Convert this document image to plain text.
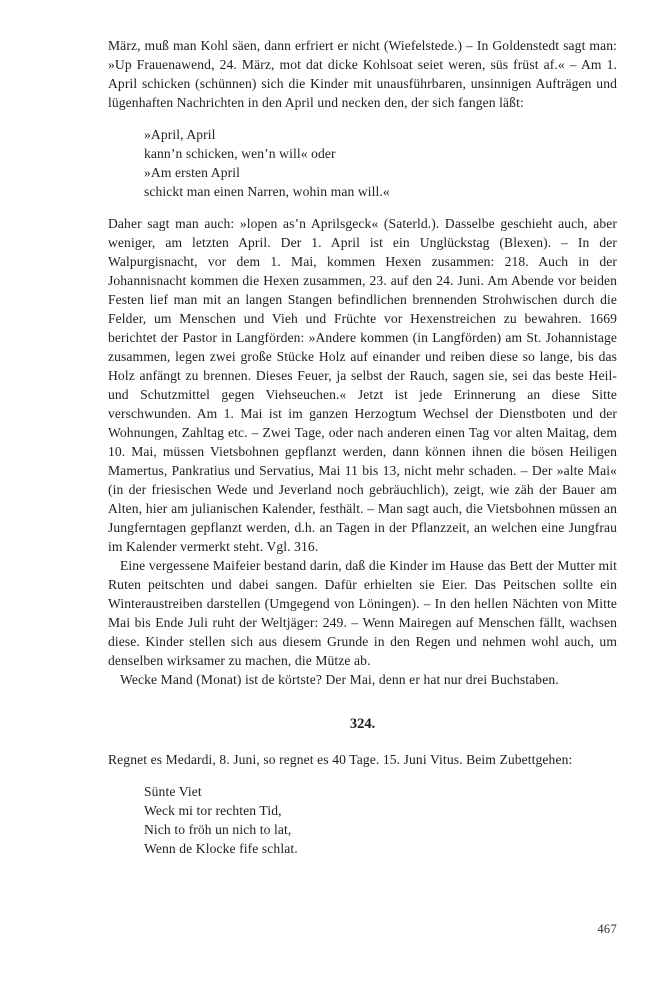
März, muß man Kohl säen, dann erfriert er nicht (Wiefelstede.) – In Goldenstedt sagt man: »Up Frauenawend, 24. März, mot dat dicke Kohlsoat seiet weren, süs früst af.« – Am 1. April schicken (schünnen) sich die Kinder mit unausführbaren, unsinnigen Aufträgen und lügenhaften Nachrichten in den April und necken den, der sich fangen läßt:

»April, April
kann’n schicken, wen’n will« oder
»Am ersten April
schickt man einen Narren, wohin man will.«

Daher sagt man auch: »lopen as’n Aprilsgeck« (Saterld.). Dasselbe geschieht auch, aber weniger, am letzten April. Der 1. April ist ein Unglückstag (Blexen). – In der Walpurgisnacht, vor dem 1. Mai, kommen Hexen zusammen: 218. Auch in der Johannisnacht kommen die Hexen zusammen, 23. auf den 24. Juni. Am Abende vor beiden Festen lief man mit an langen Stangen befindlichen brennenden Strohwischen durch die Felder, um Menschen und Vieh und Früchte vor Hexenstreichen zu bewahren. 1669 berichtet der Pastor in Langförden: »Andere kommen (in Langförden) am St. Johannistage zusammen, legen zwei große Stücke Holz auf einander und reiben diese so lange, bis das Holz anfängt zu brennen. Dieses Feuer, ja selbst der Rauch, sagen sie, sei das beste Heil- und Schutzmittel gegen Viehseuchen.« Jetzt ist jede Erinnerung an diese Sitte verschwunden. Am 1. Mai ist im ganzen Herzogtum Wechsel der Dienstboten und der Wohnungen, Zahltag etc. – Zwei Tage, oder nach anderen einen Tag vor alten Maitag, dem 10. Mai, müssen Vietsbohnen gepflanzt werden, dann können ihnen die bösen Heiligen Mamertus, Pankratius und Servatius, Mai 11 bis 13, nicht mehr schaden. – Der »alte Mai« (in der friesischen Wede und Jeverland noch gebräuchlich), zeigt, wie zäh der Bauer am Alten, hier am julianischen Kalender, festhält. – Man sagt auch, die Vietsbohnen müssen an Jungferntagen gepflanzt werden, d.h. an Tagen in der Pflanzzeit, an welchen eine Jungfrau im Kalender vermerkt steht. Vgl. 316.

Eine vergessene Maifeier bestand darin, daß die Kinder im Hause das Bett der Mutter mit Ruten peitschten und dabei sangen. Dafür erhielten sie Eier. Das Peitschen sollte ein Winteraustreiben darstellen (Umgegend von Löningen). – In den hellen Nächten von Mitte Mai bis Ende Juli ruht der Weltjäger: 249. – Wenn Mairegen auf Menschen fällt, wachsen diese. Kinder stellen sich aus diesem Grunde in den Regen und nehmen wohl auch, um denselben wirksamer zu machen, die Mütze ab.

Wecke Mand (Monat) ist de körtste? Der Mai, denn er hat nur drei Buchstaben.

324.

Regnet es Medardi, 8. Juni, so regnet es 40 Tage. 15. Juni Vitus. Beim Zubettgehen:

Sünte Viet
Weck mi tor rechten Tid,
Nich to fröh un nich to lat,
Wenn de Klocke fife schlat.
467
